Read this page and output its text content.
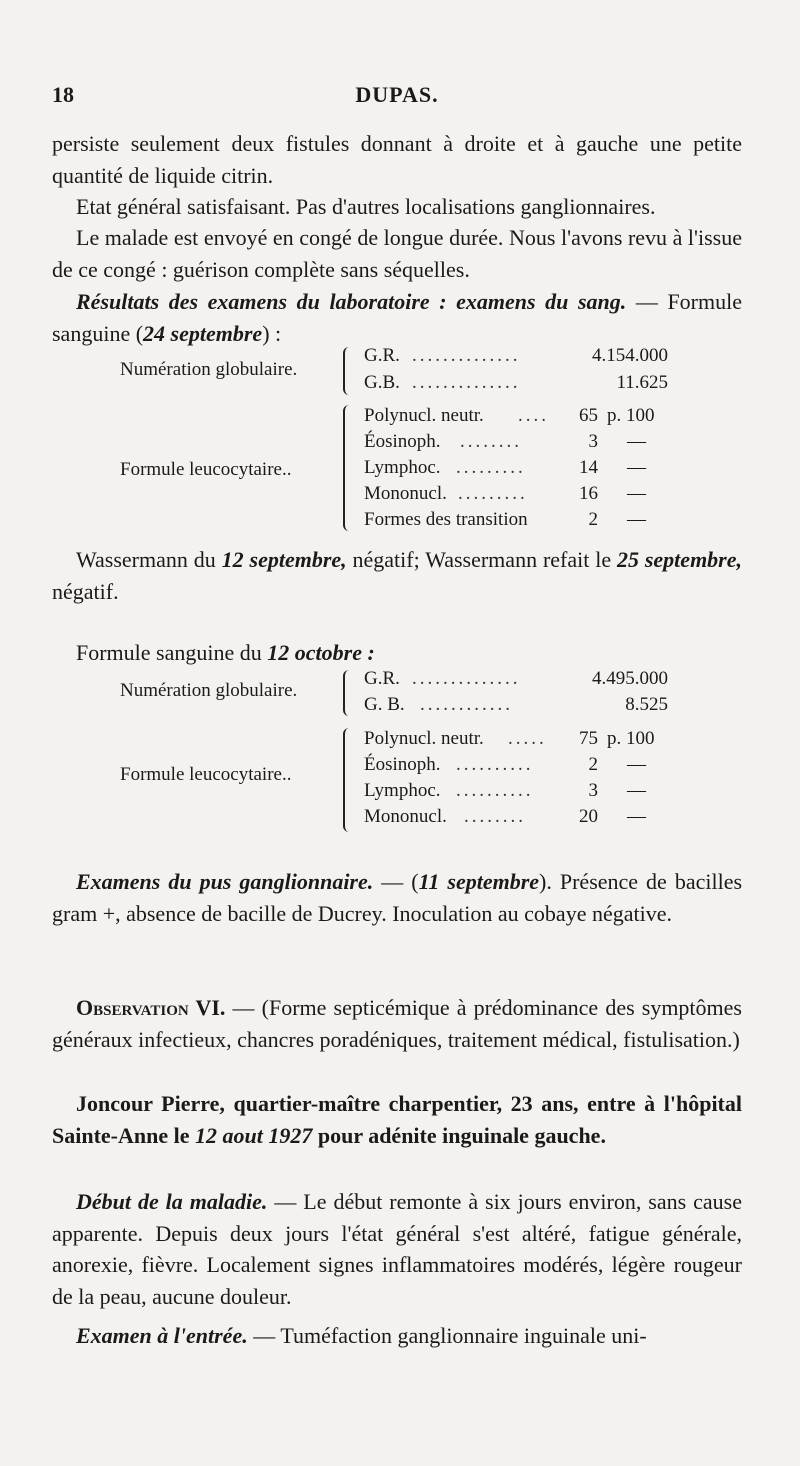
18	DUPAS.
persiste seulement deux fistules donnant à droite et à gauche une petite quantité de liquide citrin.
Etat général satisfaisant. Pas d'autres localisations ganglionnaires.
Le malade est envoyé en congé de longue durée. Nous l'avons revu à l'issue de ce congé : guérison complète sans séquelles.
Résultats des examens du laboratoire : examens du sang. — Formule sanguine (24 septembre) :
Numération globulaire.
G.R. ..............	4.154.000
G.B. ..............	11.625
Formule leucocytaire..
Polynucl. neutr. ....	65 p. 100
Éosinoph. ........	3 —
Lymphoc. .........	14 —
Mononucl. .........	16 —
Formes des transition	2 —
Wassermann du 12 septembre, négatif; Wassermann refait le 25 septembre, négatif.
Formule sanguine du 12 octobre :
Numération globulaire.
G.R. ..............	4.495.000
G. B. ............	8.525
Formule leucocytaire..
Polynucl. neutr. .....	75 p. 100
Éosinoph. ..........	2 —
Lymphoc. ..........	3 —
Mononucl. ........	20 —
Examens du pus ganglionnaire. — (11 septembre). Présence de bacilles gram +, absence de bacille de Ducrey. Inoculation au cobaye négative.
Observation VI. — (Forme septicémique à prédominance des symptômes généraux infectieux, chancres poradéniques, traitement médical, fistulisation.)
Joncour Pierre, quartier-maître charpentier, 23 ans, entre à l'hôpital Sainte-Anne le 12 aout 1927 pour adénite inguinale gauche.
Début de la maladie. — Le début remonte à six jours environ, sans cause apparente. Depuis deux jours l'état général s'est altéré, fatigue générale, anorexie, fièvre. Localement signes inflammatoires modérés, légère rougeur de la peau, aucune douleur.
Examen à l'entrée. — Tuméfaction ganglionnaire inguinale uni-
